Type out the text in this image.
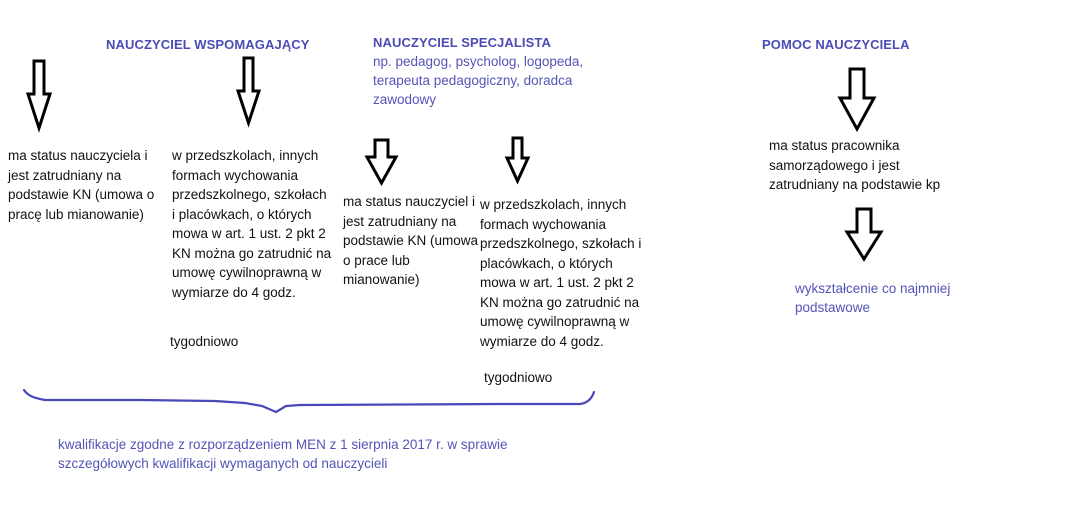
NAUCZYCIEL WSPOMAGAJĄCY	NAUCZYCIEL SPECJALISTA
np. pedagog, psycholog, logopeda, terapeuta pedagogiczny, doradca zawodowy
POMOC NAUCZYCIELA
ma status nauczyciela i jest zatrudniany na podstawie KN (umowa o pracę lub mianowanie)
w przedszkolach, innych formach wychowania przedszkolnego, szkołach i placówkach, o których mowa w art. 1 ust. 2 pkt 2 KN można go zatrudnić na umowę cywilnoprawną w wymiarze do 4 godz.
tygodniowo
ma status nauczyciel i jest zatrudniany na podstawie KN (umowa o prace lub mianowanie)
w przedszkolach, innych formach wychowania przedszkolnego, szkołach i placówkach, o których mowa w art. 1 ust. 2 pkt 2 KN można go zatrudnić na umowę cywilnoprawną w wymiarze do 4 godz.
tygodniowo
ma status pracownika samorządowego i jest zatrudniany na podstawie kp
wykształcenie co najmniej podstawowe
kwalifikacje zgodne z rozporządzeniem MEN z 1 sierpnia 2017 r. w sprawie szczegółowych kwalifikacji wymaganych od nauczycieli
